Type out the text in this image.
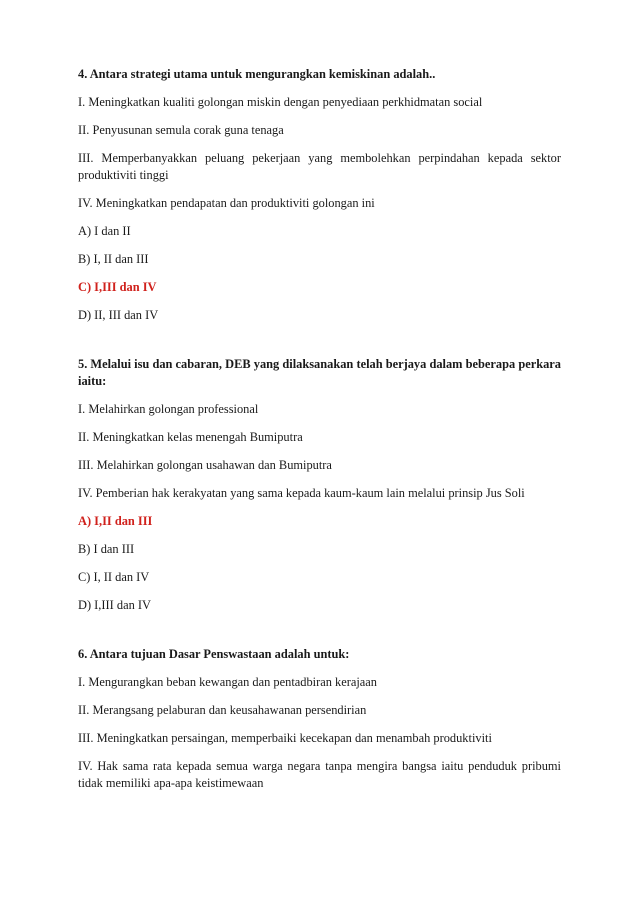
4. Antara strategi utama untuk mengurangkan kemiskinan adalah..

I. Meningkatkan kualiti golongan miskin dengan penyediaan perkhidmatan social

II. Penyusunan semula corak guna tenaga

III. Memperbanyakkan peluang pekerjaan yang membolehkan perpindahan kepada sektor produktiviti tinggi

IV. Meningkatkan pendapatan dan produktiviti golongan ini

A) I dan II

B) I, II dan III

C) I,III dan IV

D) II, III dan IV

5. Melalui isu dan cabaran, DEB yang dilaksanakan telah berjaya dalam beberapa perkara iaitu:

I. Melahirkan golongan professional

II. Meningkatkan kelas menengah Bumiputra

III. Melahirkan golongan usahawan dan Bumiputra

IV. Pemberian hak kerakyatan yang sama kepada kaum-kaum lain melalui prinsip Jus Soli

A) I,II dan III

B) I dan III

C) I, II dan IV

D) I,III dan IV

6. Antara tujuan Dasar Penswastaan adalah untuk:

I. Mengurangkan beban kewangan dan pentadbiran kerajaan

II. Merangsang pelaburan dan keusahawanan persendirian

III. Meningkatkan persaingan, memperbaiki kecekapan dan menambah produktiviti

IV. Hak sama rata kepada semua warga negara tanpa mengira bangsa iaitu penduduk pribumi tidak memiliki apa-apa keistimewaan
